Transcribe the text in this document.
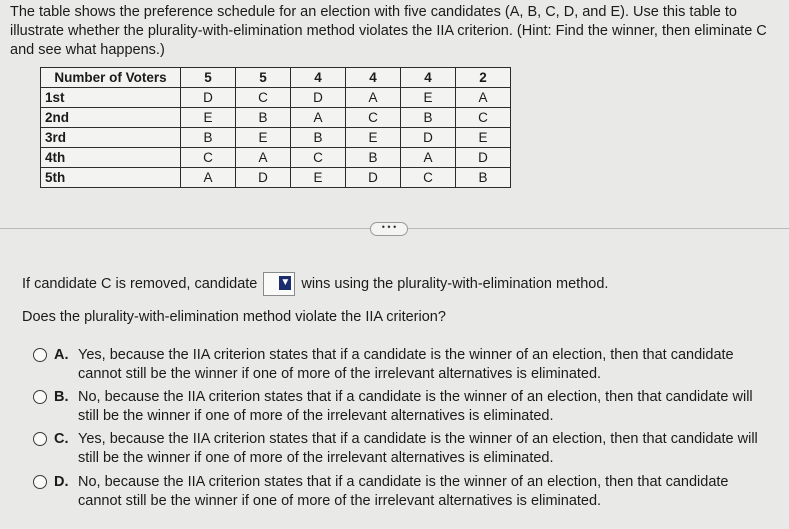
The table shows the preference schedule for an election with five candidates (A, B, C, D, and E). Use this table to illustrate whether the plurality-with-elimination method violates the IIA criterion. (Hint: Find the winner, then eliminate C and see what happens.)
Number of Voters	5	5	4	4	4	2
1st	D	C	D	A	E	A
2nd	E	B	A	C	B	C
3rd	B	E	B	E	D	E
4th	C	A	C	B	A	D
5th	A	D	E	D	C	B
• • •
If candidate C is removed, candidate ▼ wins using the plurality-with-elimination method.
Does the plurality-with-elimination method violate the IIA criterion?
A. Yes, because the IIA criterion states that if a candidate is the winner of an election, then that candidate cannot still be the winner if one of more of the irrelevant alternatives is eliminated.
B. No, because the IIA criterion states that if a candidate is the winner of an election, then that candidate will still be the winner if one of more of the irrelevant alternatives is eliminated.
C. Yes, because the IIA criterion states that if a candidate is the winner of an election, then that candidate will still be the winner if one of more of the irrelevant alternatives is eliminated.
D. No, because the IIA criterion states that if a candidate is the winner of an election, then that candidate cannot still be the winner if one of more of the irrelevant alternatives is eliminated.
